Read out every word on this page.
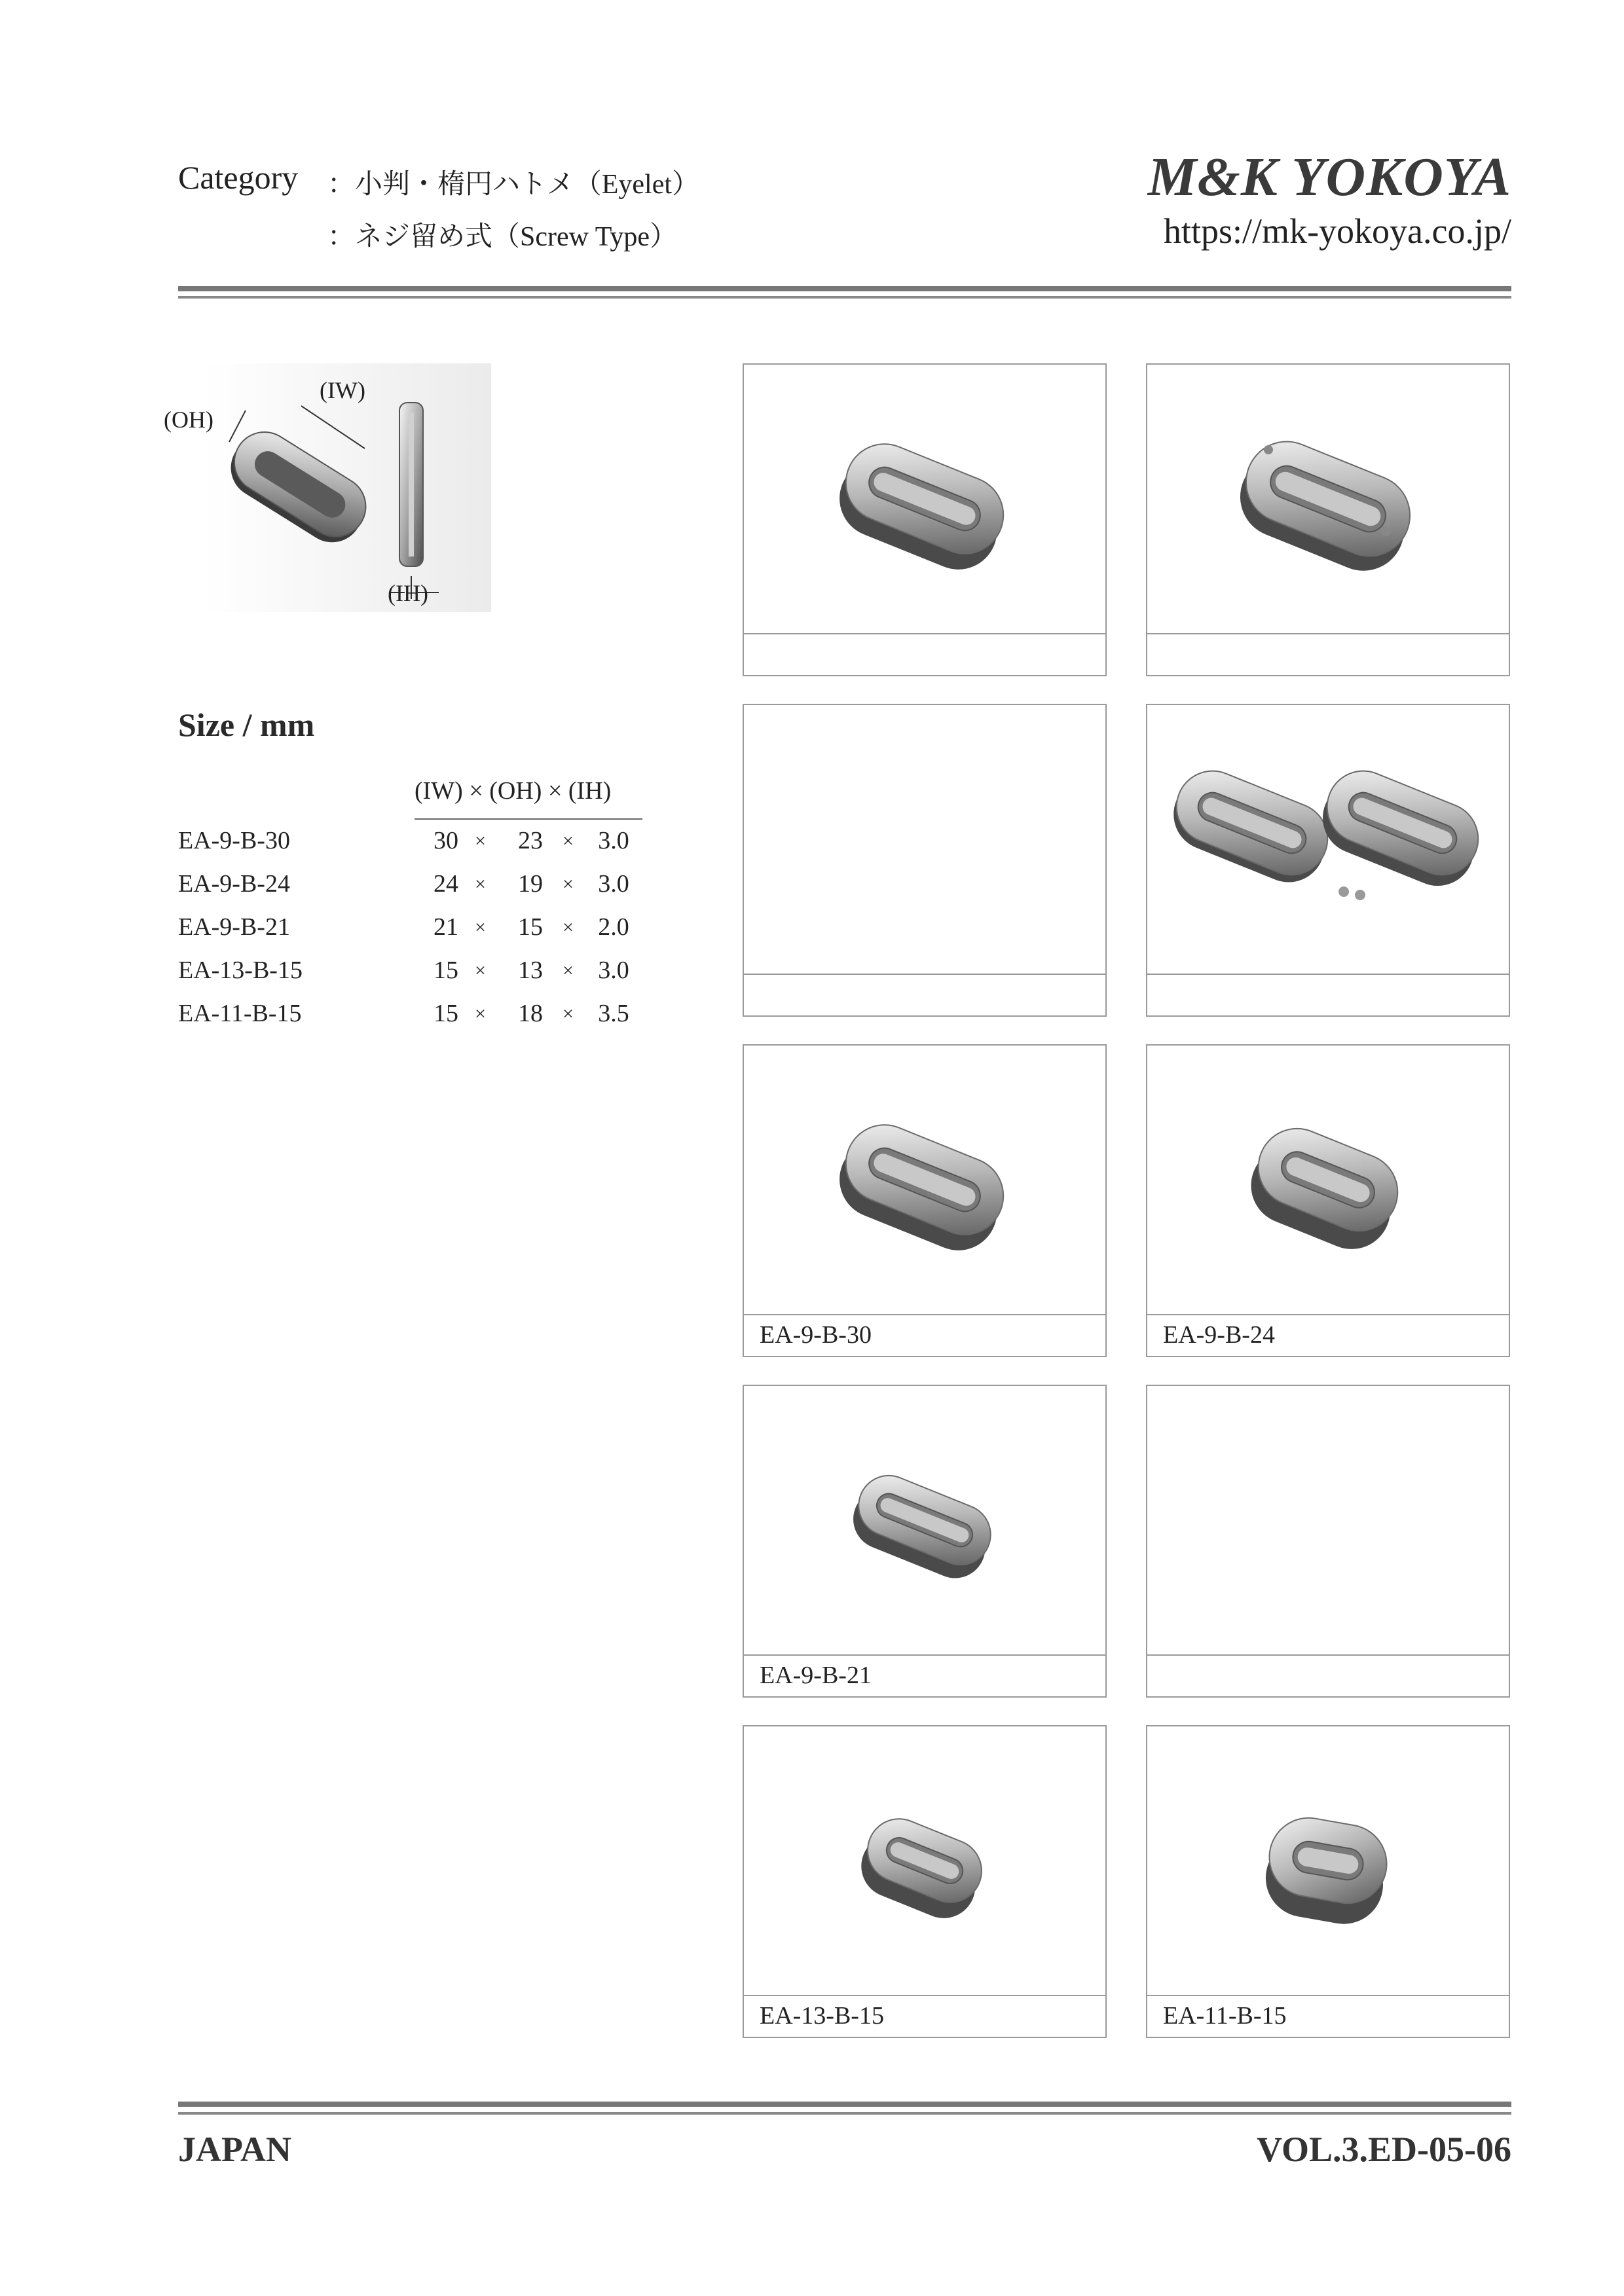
Category ：小判・楕円ハトメ（Eyelet）
：ネジ留め式（Screw Type）
M&K YOKOYA
https://mk-yokoya.co.jp/
(IW)
(OH)
(IH)
Size / mm
(IW) × (OH) × (IH)
EA-9-B-30	30 × 23	× 3.0
EA-9-B-24	24 × 19	× 3.0
EA-9-B-21	21 × 15	× 2.0
EA-13-B-15	15 × 13	× 3.0
EA-11-B-15	15 × 18	× 3.5
EA-9-B-30	EA-9-B-24
EA-9-B-21
EA-13-B-15	EA-11-B-15
JAPAN	VOL.3.ED-05-06
